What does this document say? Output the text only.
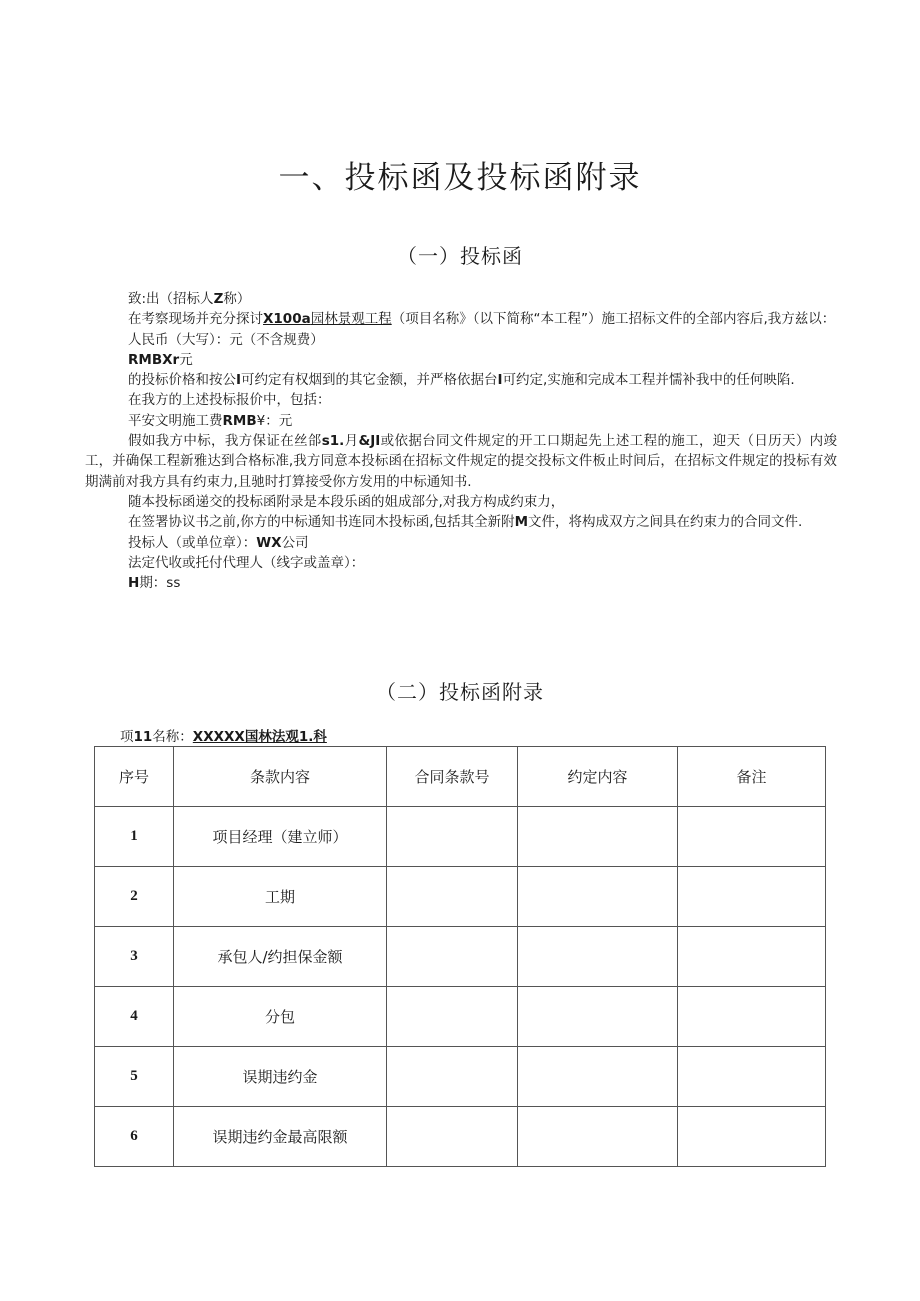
一、投标函及投标函附录
（一）投标函

致:出（招标人Z称）

在考察现场并充分探讨X100a园林景观工程（项目名称》（以下简称“本工程”）施工招标文件的全部内容后,我方兹以：

人民币（大写）：元（不含规费）

RMBXr元

的投标价格和按公I可约定有权烟到的其它金额，并严格依据台I可约定,实施和完成本工程并懦补我中的任何映陷.

在我方的上述投标报价中，包括：

平安文明施工费RMB¥：元

假如我方中标，我方保证在丝郃s1.月&JI或依据台同文件规定的开工口期起先上述工程的施工，迎天（日历天）内竣工，并确保工程新雅达到合格标准,我方同意本投标函在招标文件规定的提交投标文件板止时间后，在招标文件规定的投标有效期满前对我方具有约束力,且驰时打算接受你方发用的中标通知书.

随本投标函递交的投标函附录是本段乐函的姐成部分,对我方构成约束力，

在签署协议书之前,你方的中标通知书连同木投标函,包括其全新附M文件，将构成双方之间具在约束力的合同文件.

投标人（或单位章）：WX公司

法定代收或托付代理人（线字或盖章）：

H期：ss

（二）投标函附录
项11名称：XXXXX国林法观1.科
序号	条款内容	合同条款号	约定内容	备注
1	项目经理（建立师）			
2	工期			
3	承包人/约担保金额			
4	分包			
5	误期违约金			
6	误期违约金最高限额			
